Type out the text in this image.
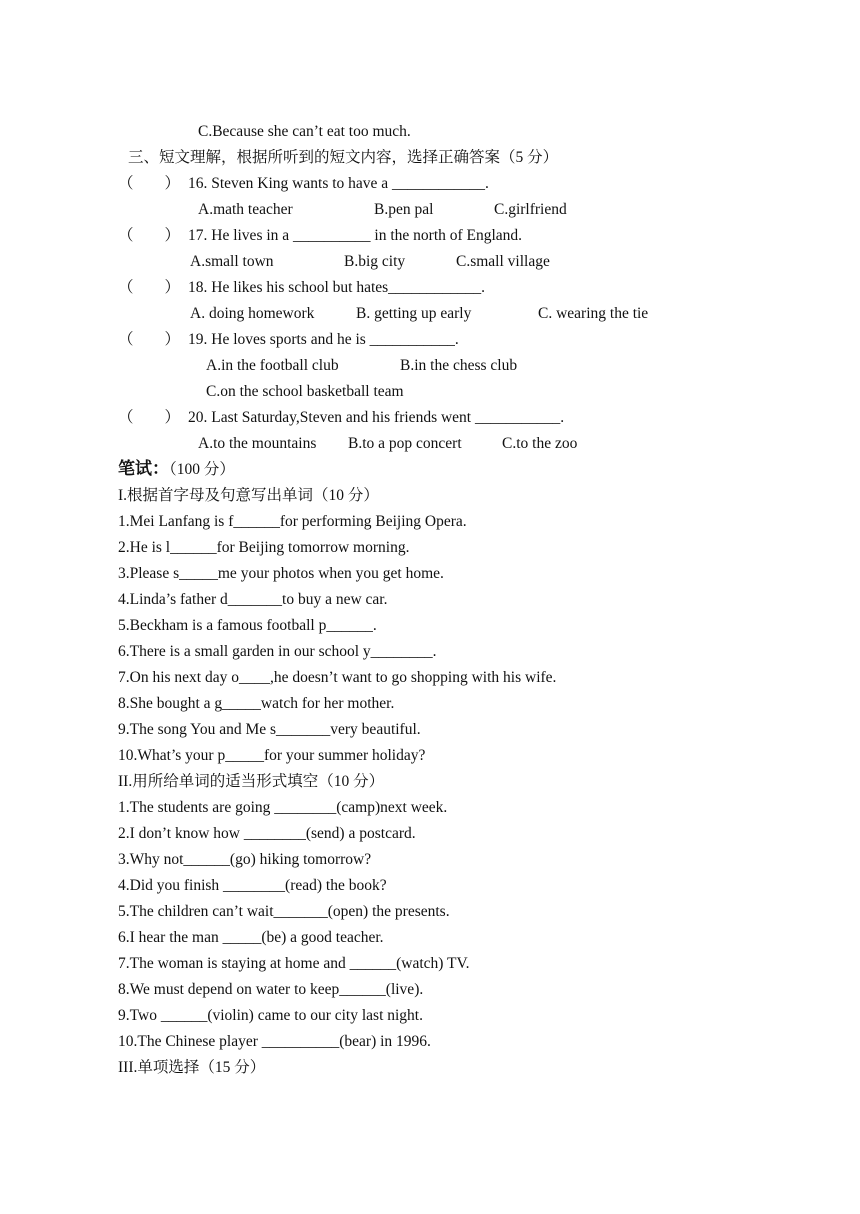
C.Because she can’t eat too much.
三、短文理解，根据所听到的短文内容，选择正确答案（5 分）
（　　） 16. Steven King wants to have a ____________.
A.math teacher	B.pen pal	C.girlfriend
（　　） 17. He lives in a __________ in the north of England.
A.small town	B.big city	C.small village
（　　） 18. He likes his school but hates____________.
A. doing homework	B. getting up early	C. wearing the tie
（　　） 19. He loves sports and he is ___________.
A.in the football club	B.in the chess club
C.on the school basketball team
（　　） 20. Last Saturday,Steven and his friends went ___________.
A.to the mountains B.to a pop concert	C.to the zoo
笔试：（100 分）
I.根据首字母及句意写出单词（10 分）
1.Mei Lanfang is f______for performing Beijing Opera.
2.He is l______for Beijing tomorrow morning.
3.Please s_____me your photos when you get home.
4.Linda’s father d_______to buy a new car.
5.Beckham is a famous football p______.
6.There is a small garden in our school y________.
7.On his next day o____,he doesn’t want to go shopping with his wife.
8.She bought a g_____watch for her mother.
9.The song You and Me s_______very beautiful.
10.What’s your p_____for your summer holiday?
II.用所给单词的适当形式填空（10 分）
1.The students are going ________(camp)next week.
2.I don’t know how ________(send) a postcard.
3.Why not______(go) hiking tomorrow?
4.Did you finish ________(read) the book?
5.The children can’t wait_______(open) the presents.
6.I hear the man _____(be) a good teacher.
7.The woman is staying at home and ______(watch) TV.
8.We must depend on water to keep______(live).
9.Two ______(violin) came to our city last night.
10.The Chinese player __________(bear) in 1996.
III.单项选择（15 分）
